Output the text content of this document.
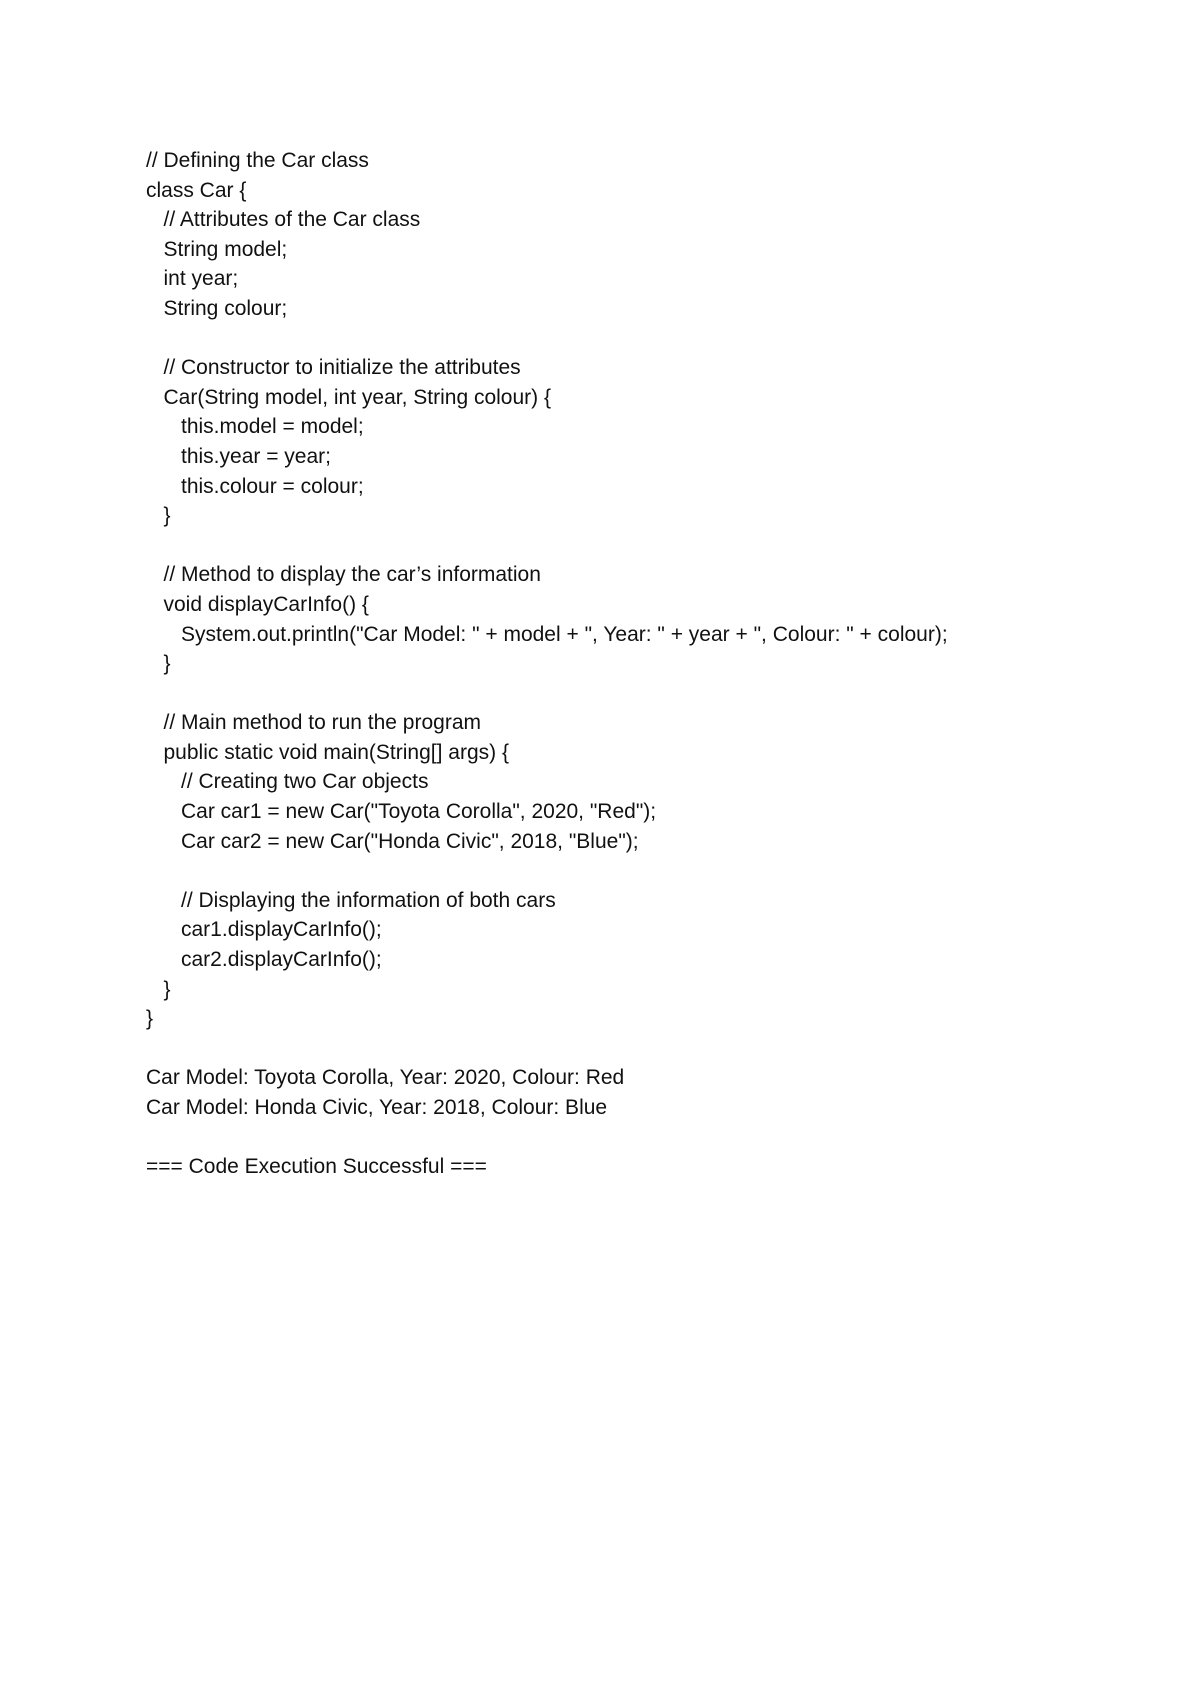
// Defining the Car class
class Car {
// Attributes of the Car class
String model;
int year;
String colour;
// Constructor to initialize the attributes
Car(String model, int year, String colour) {
this.model = model;
this.year = year;
this.colour = colour;
}
// Method to display the car’s information
void displayCarInfo() {
System.out.println("Car Model: " + model + ", Year: " + year + ", Colour: " + colour);
}
// Main method to run the program
public static void main(String[] args) {
// Creating two Car objects
Car car1 = new Car("Toyota Corolla", 2020, "Red");
Car car2 = new Car("Honda Civic", 2018, "Blue");
// Displaying the information of both cars
car1.displayCarInfo();
car2.displayCarInfo();
}
}
Car Model: Toyota Corolla, Year: 2020, Colour: Red
Car Model: Honda Civic, Year: 2018, Colour: Blue
=== Code Execution Successful ===
